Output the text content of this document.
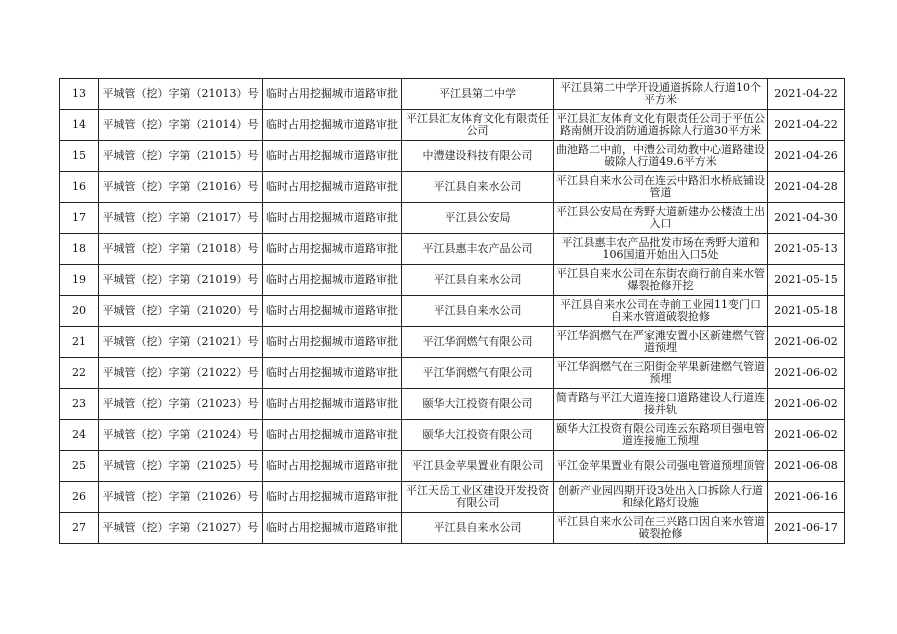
13	平城管（挖）字第（21013）号	临时占用挖掘城市道路审批	平江县第二中学	平江县第二中学开设通道拆除人行道10个平方米	2021-04-22
14	平城管（挖）字第（21014）号	临时占用挖掘城市道路审批	平江县汇友体育文化有限责任公司	平江县汇友体育文化有限责任公司于平伍公路南侧开设消防通道拆除人行道30平方米	2021-04-22
15	平城管（挖）字第（21015）号	临时占用挖掘城市道路审批	中澧建设科技有限公司	曲池路二中前，中澧公司幼教中心道路建设破除人行道49.6平方米	2021-04-26
16	平城管（挖）字第（21016）号	临时占用挖掘城市道路审批	平江县自来水公司	平江县自来水公司在连云中路汨水桥底铺设管道	2021-04-28
17	平城管（挖）字第（21017）号	临时占用挖掘城市道路审批	平江县公安局	平江县公安局在秀野大道新建办公楼渣土出入口	2021-04-30
18	平城管（挖）字第（21018）号	临时占用挖掘城市道路审批	平江县惠丰农产品公司	平江县惠丰农产品批发市场在秀野大道和106国道开始出入口5处	2021-05-13
19	平城管（挖）字第（21019）号	临时占用挖掘城市道路审批	平江县自来水公司	平江县自来水公司在东街农商行前自来水管爆裂抢修开挖	2021-05-15
20	平城管（挖）字第（21020）号	临时占用挖掘城市道路审批	平江县自来水公司	平江县自来水公司在寺前工业园11变门口自来水管道破裂抢修	2021-05-18
21	平城管（挖）字第（21021）号	临时占用挖掘城市道路审批	平江华润燃气有限公司	平江华润燃气在严家滩安置小区新建燃气管道预埋	2021-06-02
22	平城管（挖）字第（21022）号	临时占用挖掘城市道路审批	平江华润燃气有限公司	平江华润燃气在三阳街金苹果新建燃气管道预埋	2021-06-02
23	平城管（挖）字第（21023）号	临时占用挖掘城市道路审批	颐华大江投资有限公司	简青路与平江大道连接口道路建设人行道连接并轨	2021-06-02
24	平城管（挖）字第（21024）号	临时占用挖掘城市道路审批	颐华大江投资有限公司	颐华大江投资有限公司连云东路项目强电管道连接施工预埋	2021-06-02
25	平城管（挖）字第（21025）号	临时占用挖掘城市道路审批	平江县金苹果置业有限公司	平江金苹果置业有限公司强电管道预埋顶管	2021-06-08
26	平城管（挖）字第（21026）号	临时占用挖掘城市道路审批	平江天岳工业区建设开发投资有限公司	创新产业园四期开设3处出入口拆除人行道和绿化路灯设施	2021-06-16
27	平城管（挖）字第（21027）号	临时占用挖掘城市道路审批	平江县自来水公司	平江县自来水公司在三兴路口因自来水管道破裂抢修	2021-06-17
